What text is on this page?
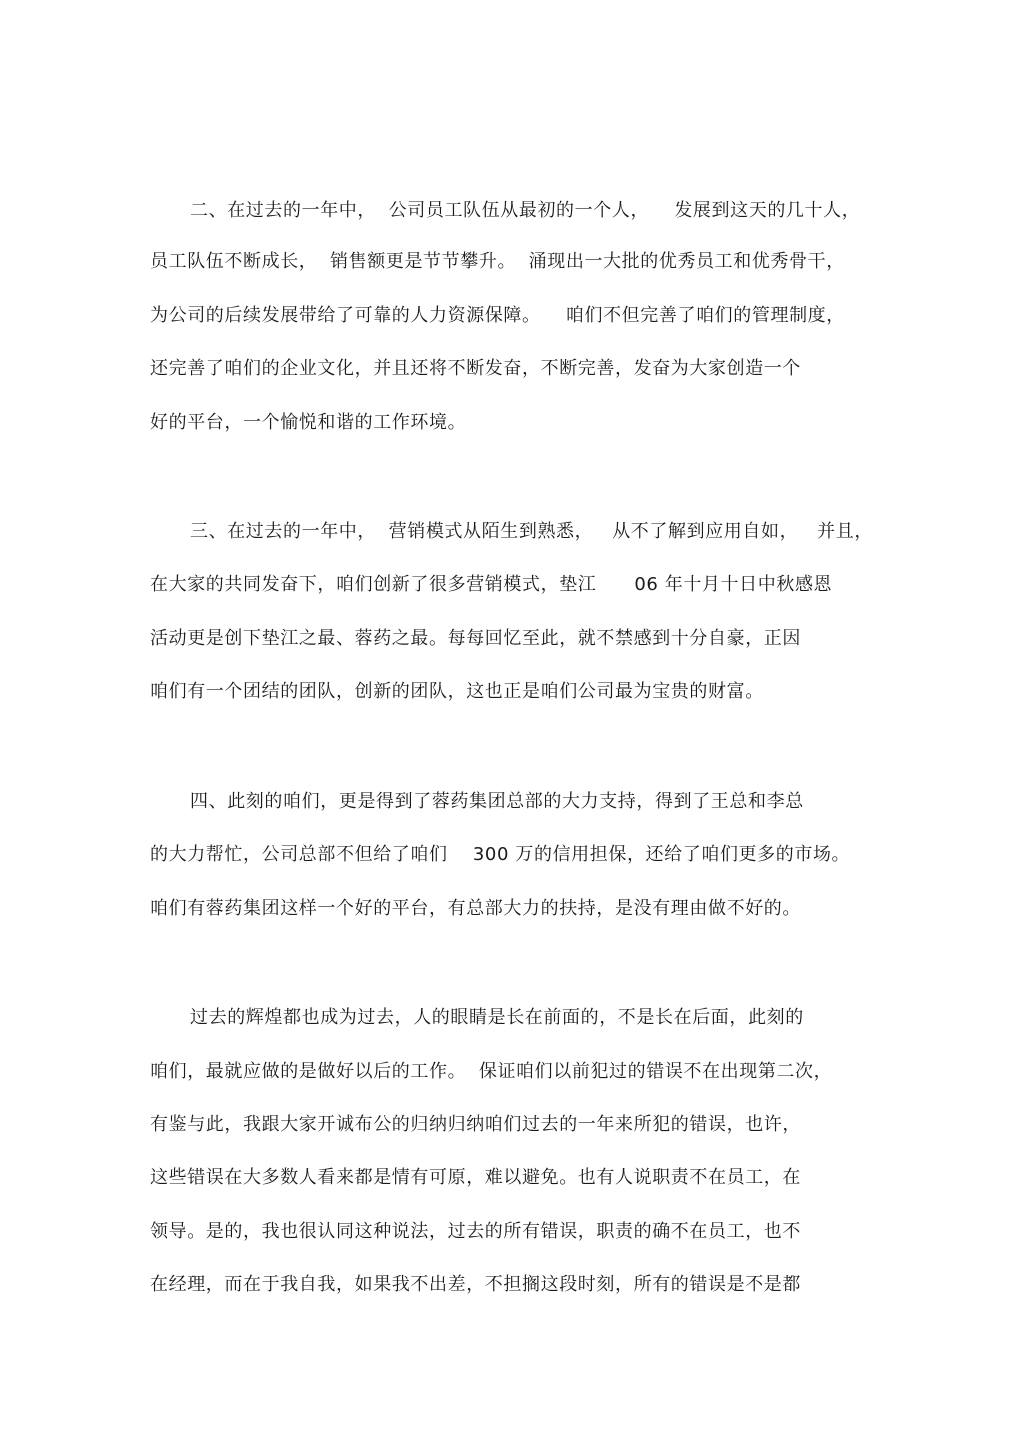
二、在过去的一年中，  公司员工队伍从最初的一个人，    发展到这天的几十人，
员工队伍不断成长，  销售额更是节节攀升。  涌现出一大批的优秀员工和优秀骨干，
为公司的后续发展带给了可靠的人力资源保障。    咱们不但完善了咱们的管理制度，
还完善了咱们的企业文化，并且还将不断发奋，不断完善，发奋为大家创造一个
好的平台，一个愉悦和谐的工作环境。
三、在过去的一年中，  营销模式从陌生到熟悉，   从不了解到应用自如，   并且，
在大家的共同发奋下，咱们创新了很多营销模式，垫江      06 年十月十日中秋感恩
活动更是创下垫江之最、蓉药之最。每每回忆至此，就不禁感到十分自豪，正因
咱们有一个团结的团队，创新的团队，这也正是咱们公司最为宝贵的财富。
四、此刻的咱们，更是得到了蓉药集团总部的大力支持，得到了王总和李总
的大力帮忙，公司总部不但给了咱们    300 万的信用担保，还给了咱们更多的市场。
咱们有蓉药集团这样一个好的平台，有总部大力的扶持，是没有理由做不好的。
过去的辉煌都也成为过去，人的眼睛是长在前面的，不是长在后面，此刻的
咱们，最就应做的是做好以后的工作。  保证咱们以前犯过的错误不在出现第二次，
有鉴与此，我跟大家开诚布公的归纳归纳咱们过去的一年来所犯的错误，也许，
这些错误在大多数人看来都是情有可原，难以避免。也有人说职责不在员工，在
领导。是的，我也很认同这种说法，过去的所有错误，职责的确不在员工，也不
在经理，而在于我自我，如果我不出差，不担搁这段时刻，所有的错误是不是都
